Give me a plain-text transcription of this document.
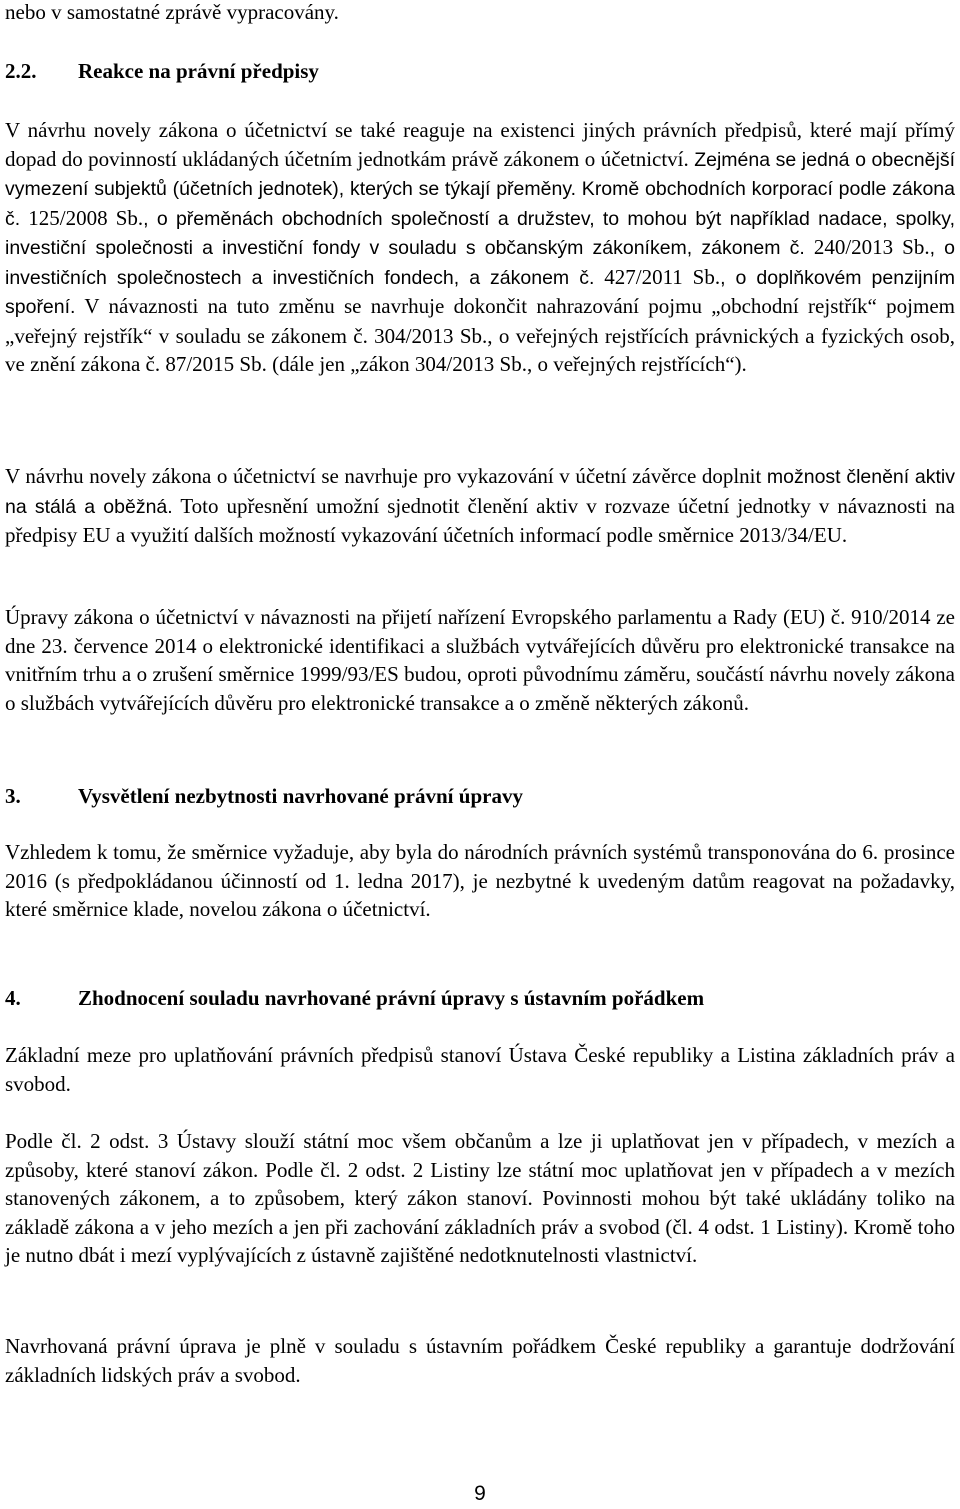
nebo v samostatné zprávě vypracovány.

2.2. Reakce na právní předpisy

V návrhu novely zákona o účetnictví se také reaguje na existenci jiných právních předpisů, které mají přímý dopad do povinností ukládaných účetním jednotkám právě zákonem o účetnictví. Zejména se jedná o obecnější vymezení subjektů (účetních jednotek), kterých se týkají přeměny. Kromě obchodních korporací podle zákona č. 125/2008 Sb., o přeměnách obchodních společností a družstev, to mohou být například nadace, spolky, investiční společnosti a investiční fondy v souladu s občanským zákoníkem, zákonem č. 240/2013 Sb., o investičních společnostech a investičních fondech, a zákonem č. 427/2011 Sb., o doplňkovém penzijním spoření. V návaznosti na tuto změnu se navrhuje dokončit nahrazování pojmu „obchodní rejstřík“ pojmem „veřejný rejstřík“ v souladu se zákonem č. 304/2013 Sb., o veřejných rejstřících právnických a fyzických osob, ve znění zákona č. 87/2015 Sb. (dále jen „zákon 304/2013 Sb., o veřejných rejstřících“).

V návrhu novely zákona o účetnictví se navrhuje pro vykazování v účetní závěrce doplnit možnost členění aktiv na stálá a oběžná. Toto upřesnění umožní sjednotit členění aktiv v rozvaze účetní jednotky v návaznosti na předpisy EU a využití dalších možností vykazování účetních informací podle směrnice 2013/34/EU.

Úpravy zákona o účetnictví v návaznosti na přijetí nařízení Evropského parlamentu a Rady (EU) č. 910/2014 ze dne 23. července 2014 o elektronické identifikaci a službách vytvářejících důvěru pro elektronické transakce na vnitřním trhu a o zrušení směrnice 1999/93/ES budou, oproti původnímu záměru, součástí návrhu novely zákona o službách vytvářejících důvěru pro elektronické transakce a o změně některých zákonů.

3.	Vysvětlení nezbytnosti navrhované právní úpravy

Vzhledem k tomu, že směrnice vyžaduje, aby byla do národních právních systémů transponována do 6. prosince 2016 (s předpokládanou účinností od 1. ledna 2017), je nezbytné k uvedeným datům reagovat na požadavky, které směrnice klade, novelou zákona o účetnictví.

4.	Zhodnocení souladu navrhované právní úpravy s ústavním pořádkem

Základní meze pro uplatňování právních předpisů stanoví Ústava České republiky a Listina základních práv a svobod.

Podle čl. 2 odst. 3 Ústavy slouží státní moc všem občanům a lze ji uplatňovat jen v případech, v mezích a způsoby, které stanoví zákon. Podle čl. 2 odst. 2 Listiny lze státní moc uplatňovat jen v případech a v mezích stanovených zákonem, a to způsobem, který zákon stanoví. Povinnosti mohou být také ukládány toliko na základě zákona a v jeho mezích a jen při zachování základních práv a svobod (čl. 4 odst. 1 Listiny). Kromě toho je nutno dbát i mezí vyplývajících z ústavně zajištěné nedotknutelnosti vlastnictví.

Navrhovaná právní úprava je plně v souladu s ústavním pořádkem České republiky a garantuje dodržování základních lidských práv a svobod.

9
